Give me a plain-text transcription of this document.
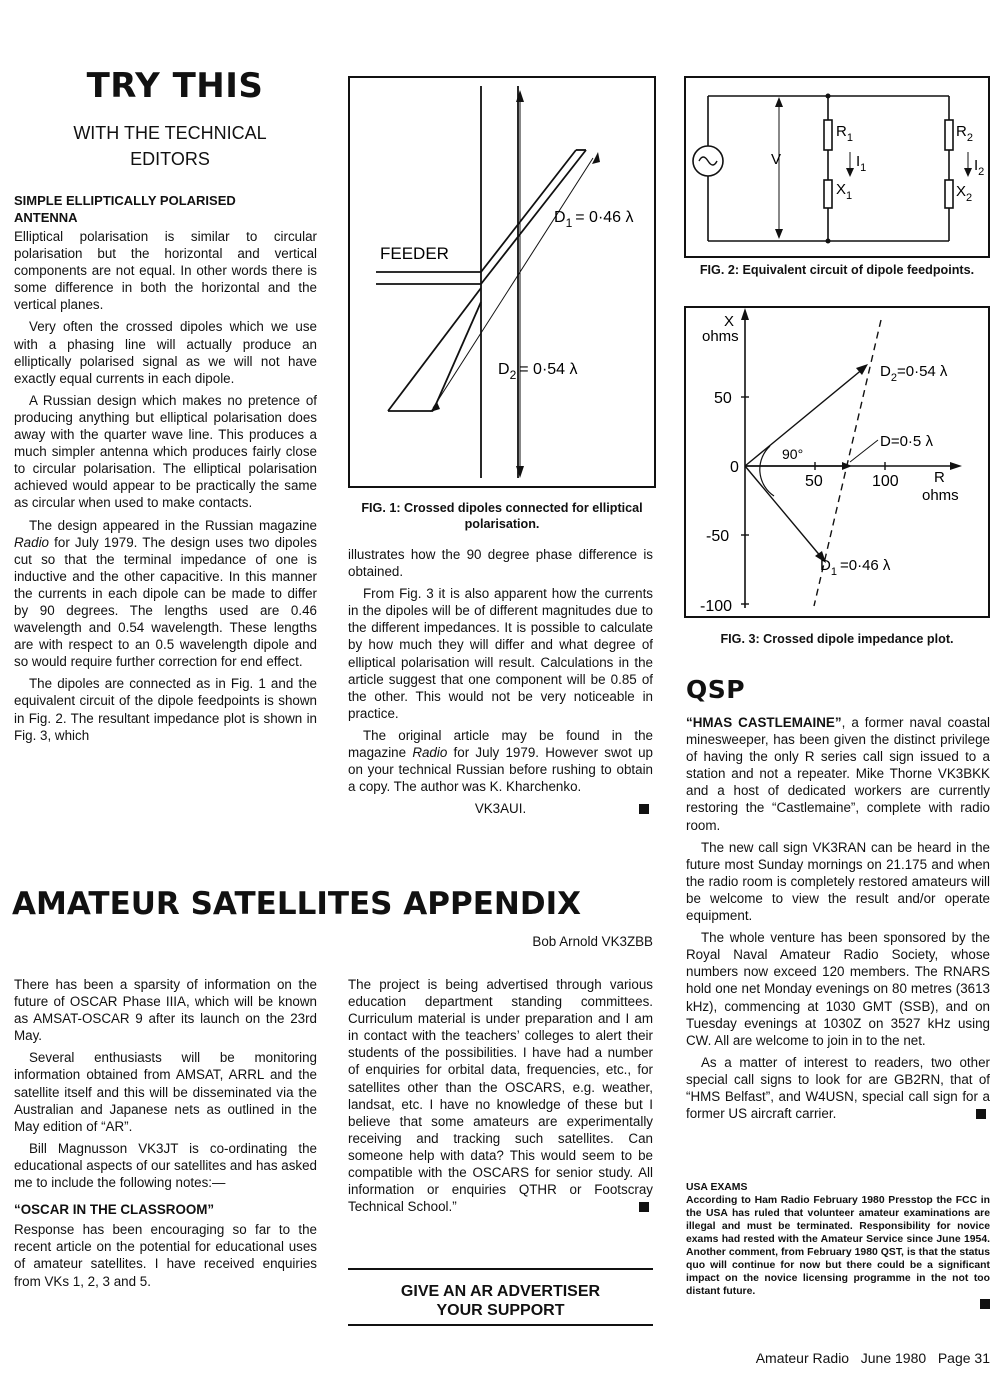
TRY THIS
WITH THE TECHNICAL
EDITORS
SIMPLE ELLIPTICALLY POLARISED
ANTENNA

Elliptical polarisation is similar to circular polarisation but the horizontal and vertical components are not equal. In other words there is some difference in both the horizontal and the vertical planes.

Very often the crossed dipoles which we use with a phasing line will actually produce an elliptically polarised signal as we will not have exactly equal currents in each dipole.

A Russian design which makes no pretence of producing anything but elliptical polarisation does away with the quarter wave line. This produces a much simpler antenna which produces fairly close to circular polarisation. The elliptical polarisation achieved would appear to be practically the same as circular when used to make contacts.

The design appeared in the Russian magazine Radio for July 1979. The design uses two dipoles cut so that the terminal impedance of one is inductive and the other capacitive. In this manner the currents in each dipole can be made to differ by 90 degrees. The lengths used are 0.46 wavelength and 0.54 wavelength. These lengths are with respect to an 0.5 wavelength dipole and so would require further correction for end effect.

The dipoles are connected as in Fig. 1 and the equivalent circuit of the dipole feedpoints is shown in Fig. 2. The resultant impedance plot is shown in Fig. 3, which

FEEDER
$D_1 = 0\cdot 46$ λ
$D_2 = 0\cdot 54$ λ
FIG. 1: Crossed dipoles connected for elliptical polarisation.

illustrates how the 90 degree phase difference is obtained.

From Fig. 3 it is also apparent how the currents in the dipoles will be of different magnitudes due to the different impedances. It is possible to calculate by how much they will differ and what degree of elliptical polarisation will result. Calculations in the article suggest that one component will be 0.85 of the other. This would not be very noticeable in practice.

The original article may be found in the magazine Radio for July 1979. However swot up on your technical Russian before rushing to obtain a copy. The author was K. Kharchenko.

VK3AUI.
V
$R_1$
$I_1$
$X_1$
$R_2$
$I_2$
$X_2$
FIG. 2: Equivalent circuit of dipole feedpoints.
X
ohms
50
0
-50
-100
50	100 R
ohms
90°
$D_2=0\cdot 54$ λ
D=0·5 λ
$D_1 =0\cdot 46$ λ
FIG. 3: Crossed dipole impedance plot.
QSP

“HMAS CASTLEMAINE”, a former naval coastal minesweeper, has been given the distinct privilege of having the only R series call sign issued to a station and not a repeater. Mike Thorne VK3BKK and a host of dedicated workers are currently restoring the “Castlemaine”, complete with radio room.

The new call sign VK3RAN can be heard in the future most Sunday mornings on 21.175 and when the radio room is completely restored amateurs will be welcome to view the result and/or operate equipment.

The whole venture has been sponsored by the Royal Naval Amateur Radio Society, whose numbers now exceed 120 members. The RNARS hold one net Monday evenings on 80 metres (3613 kHz), commencing at 1030 GMT (SSB), and on Tuesday evenings at 1030Z on 3527 kHz using CW. All are welcome to join in to the net.

As a matter of interest to readers, two other special call signs to look for are GB2RN, that of “HMS Belfast”, and W4USN, special call sign for a former US aircraft carrier.

USA EXAMS
According to Ham Radio February 1980 Presstop the FCC in the USA has ruled that volunteer amateur examinations are illegal and must be terminated. Responsibility for novice exams had rested with the Amateur Service since June 1954. Another comment, from February 1980 QST, is that the status quo will continue for now but there could be a significant impact on the novice licensing programme in the not too distant future.
AMATEUR SATELLITES APPENDIX
Bob Arnold VK3ZBB

There has been a sparsity of information on the future of OSCAR Phase IIIA, which will be known as AMSAT-OSCAR 9 after its launch on the 23rd May.

Several enthusiasts will be monitoring information obtained from AMSAT, ARRL and the satellite itself and this will be disseminated via the Australian and Japanese nets as outlined in the May edition of “AR”.

Bill Magnusson VK3JT is co-ordinating the educational aspects of our satellites and has asked me to include the following notes:—

“OSCAR IN THE CLASSROOM”

Response has been encouraging so far to the recent article on the potential for educational uses of amateur satellites. I have received enquiries from VKs 1, 2, 3 and 5.

The project is being advertised through various education department standing committees. Curriculum material is under preparation and I am in contact with the teachers’ colleges to alert their students of the possibilities. I have had a number of enquiries for orbital data, frequencies, etc., for satellites other than the OSCARS, e.g. weather, landsat, etc. I have no knowledge of these but I believe that some amateurs are experimentally receiving and tracking such satellites. Can someone help with data? This would seem to be compatible with the OSCARS for senior study. All information or enquiries QTHR or Footscray Technical School.”

GIVE AN AR ADVERTISER
YOUR SUPPORT
Amateur Radio   June 1980   Page 31
